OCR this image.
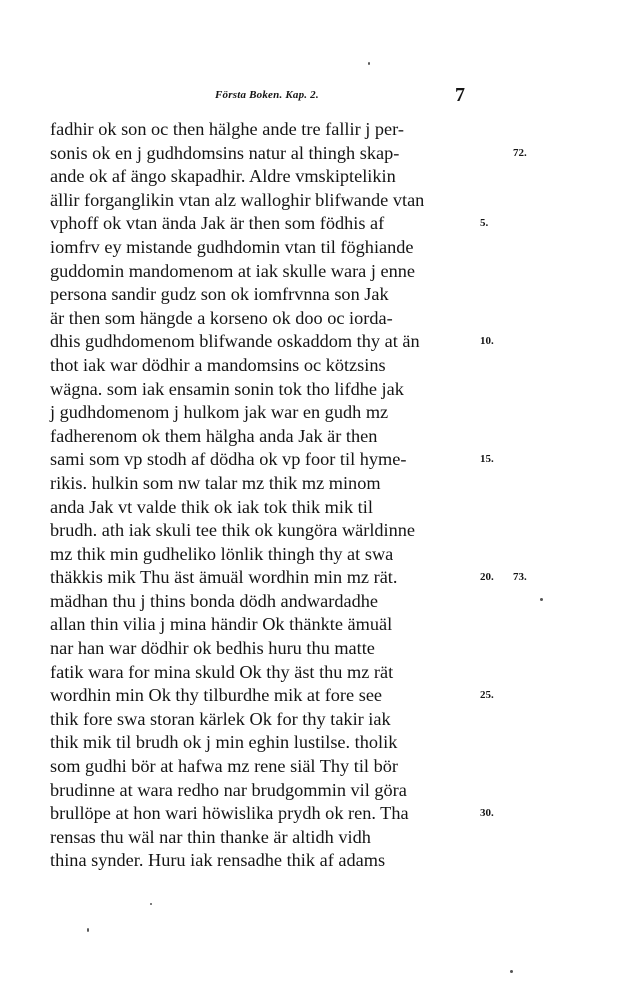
Första Boken. Kap. 2.	7
fadhir ok son oc then hälghe ande tre fallir j per-
sonis ok en j gudhdomsins natur al thingh skap-
ande ok af ängo skapadhir. Aldre vmskiptelikin
ällir forganglikin vtan alz walloghir blifwande vtan
vphoff ok vtan ända Jak är then som födhis af
iomfrv ey mistande gudhdomin vtan til föghiande
guddomin mandomenom at iak skulle wara j enne
persona sandir gudz son ok iomfrvnna son Jak
är then som hängde a korseno ok doo oc iorda-
dhis gudhdomenom blifwande oskaddom thy at än
thot iak war dödhir a mandomsins oc kötzsins
wägna. som iak ensamin sonin tok tho lifdhe jak
j gudhdomenom j hulkom jak war en gudh mz
fadherenom ok them hälgha anda Jak är then
sami som vp stodh af dödha ok vp foor til hyme-
rikis. hulkin som nw talar mz thik mz minom
anda Jak vt valde thik ok iak tok thik mik til
brudh. ath iak skuli tee thik ok kungöra wärldinne
mz thik min gudheliko lönlik thingh thy at swa
thäkkis mik Thu äst ämuäl wordhin min mz rät.
mädhan thu j thins bonda dödh andwardadhe
allan thin vilia j mina händir Ok thänkte ämuäl
nar han war dödhir ok bedhis huru thu matte
fatik wara for mina skuld Ok thy äst thu mz rät
wordhin min Ok thy tilburdhe mik at fore see
thik fore swa storan kärlek Ok for thy takir iak
thik mik til brudh ok j min eghin lustilse. tholik
som gudhi bör at hafwa mz rene siäl Thy til bör
brudinne at wara redho nar brudgommin vil göra
brullöpe at hon wari höwislika prydh ok ren. Tha
rensas thu wäl nar thin thanke är altidh vidh
thina synder. Huru iak rensadhe thik af adams
72.
5.
10.
15.
20. 73.
25.
30.
